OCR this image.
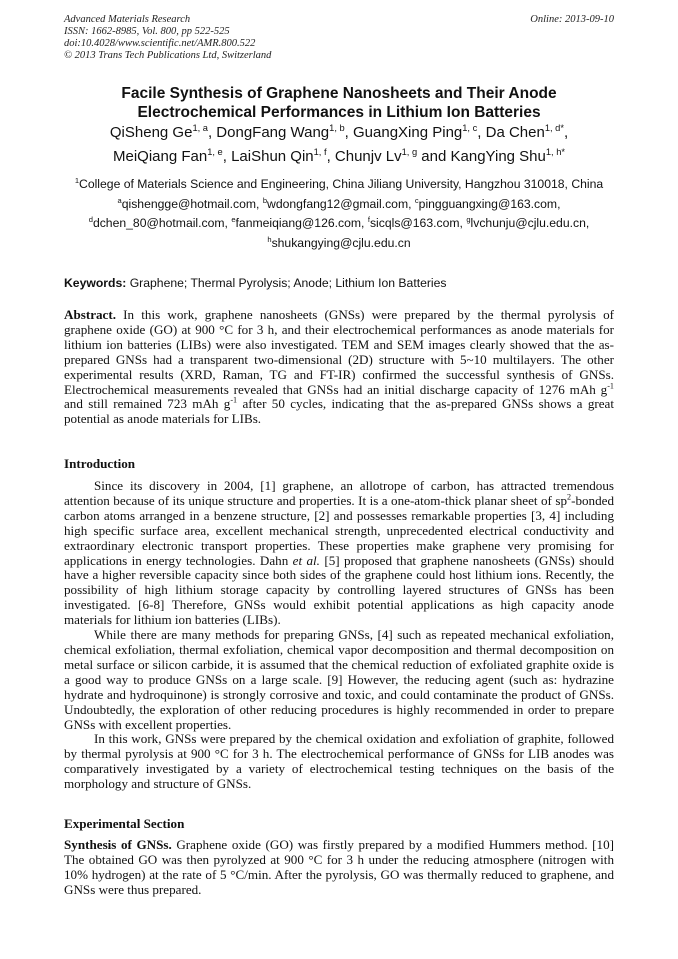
Advanced Materials Research
ISSN: 1662-8985, Vol. 800, pp 522-525
doi:10.4028/www.scientific.net/AMR.800.522
© 2013 Trans Tech Publications Ltd, Switzerland
Online: 2013-09-10
Facile Synthesis of Graphene Nanosheets and Their Anode
Electrochemical Performances in Lithium Ion Batteries
QiSheng Ge$^{1, a}$, DongFang Wang$^{1, b}$, GuangXing Ping$^{1, c}$, Da Chen$^{1, d*}$,
MeiQiang Fan$^{1, e}$, LaiShun Qin$^{1, f}$, Chunjv Lv$^{1, g}$ and KangYing Shu$^{1, h*}$
$^1$College of Materials Science and Engineering, China Jiliang University, Hangzhou 310018, China
$^a$qishengge@hotmail.com, $^b$wdongfang12@gmail.com, $^c$pingguangxing@163.com,
$^d$dchen_80@hotmail.com, $^e$fanmeiqiang@126.com, $^f$sicqls@163.com, $^g$lvchunju@cjlu.edu.cn,
$^h$shukangying@cjlu.edu.cn
Keywords: Graphene; Thermal Pyrolysis; Anode; Lithium Ion Batteries

Abstract. In this work, graphene nanosheets (GNSs) were prepared by the thermal pyrolysis of graphene oxide (GO) at 900 °C for 3 h, and their electrochemical performances as anode materials for lithium ion batteries (LIBs) were also investigated. TEM and SEM images clearly showed that the as-prepared GNSs had a transparent two-dimensional (2D) structure with 5~10 multilayers. The other experimental results (XRD, Raman, TG and FT-IR) confirmed the successful synthesis of GNSs. Electrochemical measurements revealed that GNSs had an initial discharge capacity of 1276 mAh $g^{-1}$ and still remained 723 mAh $g^{-1}$ after 50 cycles, indicating that the as-prepared GNSs shows a great potential as anode materials for LIBs.

Introduction

Since its discovery in 2004, [1] graphene, an allotrope of carbon, has attracted tremendous attention because of its unique structure and properties. It is a one-atom-thick planar sheet of $sp^2$-bonded carbon atoms arranged in a benzene structure, [2] and possesses remarkable properties [3, 4] including high specific surface area, excellent mechanical strength, unprecedented electrical conductivity and extraordinary electronic transport properties. These properties make graphene very promising for applications in energy technologies. Dahn et al. [5] proposed that graphene nanosheets (GNSs) should have a higher reversible capacity since both sides of the graphene could host lithium ions. Recently, the possibility of high lithium storage capacity by controlling layered structures of GNSs has been investigated. [6-8] Therefore, GNSs would exhibit potential applications as high capacity anode materials for lithium ion batteries (LIBs).

While there are many methods for preparing GNSs, [4] such as repeated mechanical exfoliation, chemical exfoliation, thermal exfoliation, chemical vapor decomposition and thermal decomposition on metal surface or silicon carbide, it is assumed that the chemical reduction of exfoliated graphite oxide is a good way to produce GNSs on a large scale. [9] However, the reducing agent (such as: hydrazine hydrate and hydroquinone) is strongly corrosive and toxic, and could contaminate the product of GNSs. Undoubtedly, the exploration of other reducing procedures is highly recommended in order to prepare GNSs with excellent properties.

In this work, GNSs were prepared by the chemical oxidation and exfoliation of graphite, followed by thermal pyrolysis at 900 °C for 3 h. The electrochemical performance of GNSs for LIB anodes was comparatively investigated by a variety of electrochemical testing techniques on the basis of the morphology and structure of GNSs.

Experimental Section

Synthesis of GNSs. Graphene oxide (GO) was firstly prepared by a modified Hummers method. [10] The obtained GO was then pyrolyzed at 900 °C for 3 h under the reducing atmosphere (nitrogen with 10% hydrogen) at the rate of 5 °C/min. After the pyrolysis, GO was thermally reduced to graphene, and GNSs were thus prepared.
